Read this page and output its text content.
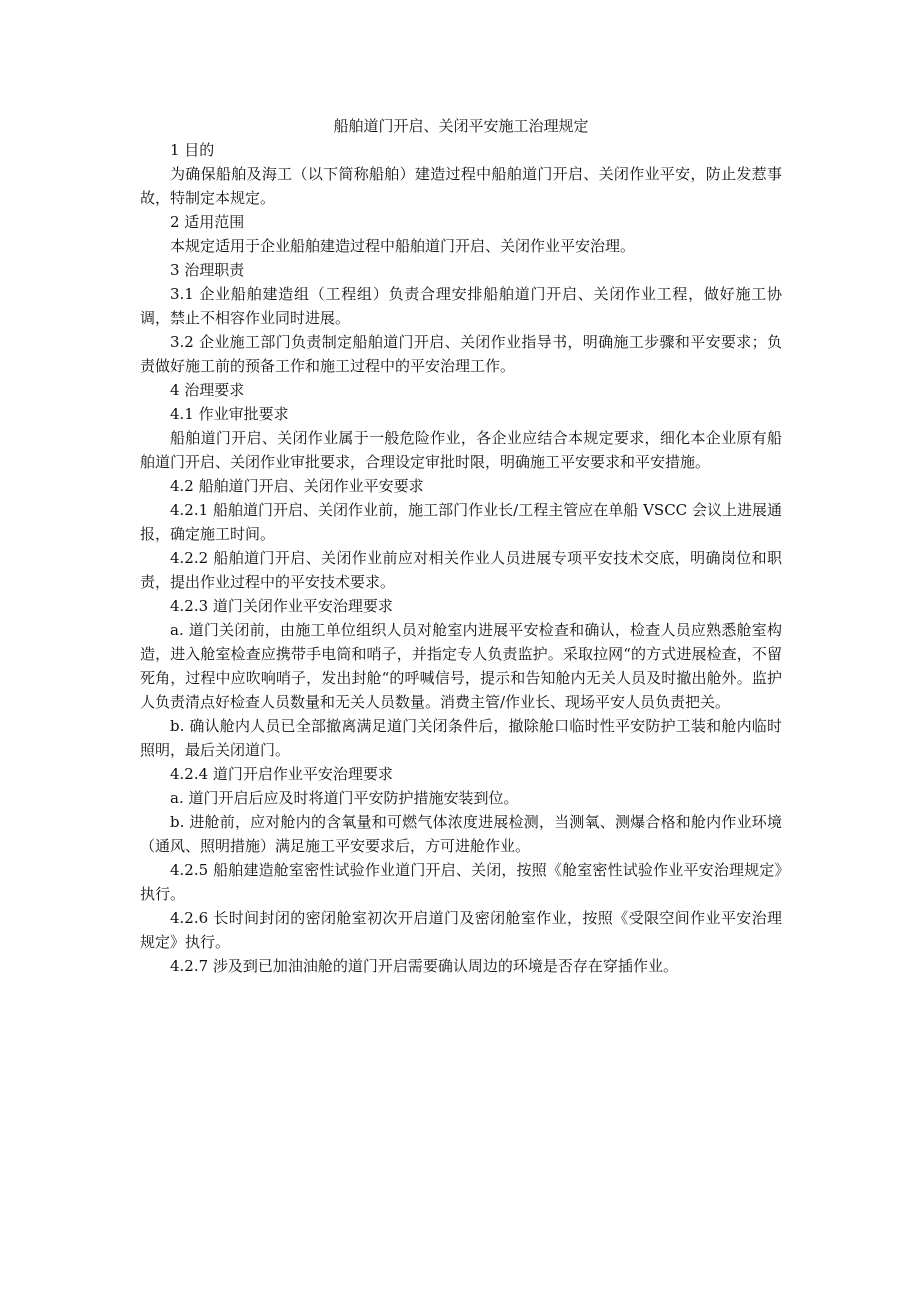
船舶道门开启、关闭平安施工治理规定

1 目的

为确保船舶及海工（以下简称船舶）建造过程中船舶道门开启、关闭作业平安，防止发惹事故，特制定本规定。

2 适用范围

本规定适用于企业船舶建造过程中船舶道门开启、关闭作业平安治理。

3 治理职责

3.1 企业船舶建造组（工程组）负责合理安排船舶道门开启、关闭作业工程，做好施工协调，禁止不相容作业同时进展。

3.2 企业施工部门负责制定船舶道门开启、关闭作业指导书，明确施工步骤和平安要求；负责做好施工前的预备工作和施工过程中的平安治理工作。

4 治理要求

4.1 作业审批要求

船舶道门开启、关闭作业属于一般危险作业，各企业应结合本规定要求，细化本企业原有船舶道门开启、关闭作业审批要求，合理设定审批时限，明确施工平安要求和平安措施。

4.2 船舶道门开启、关闭作业平安要求

4.2.1 船舶道门开启、关闭作业前，施工部门作业长/工程主管应在单船 VSCC 会议上进展通报，确定施工时间。

4.2.2 船舶道门开启、关闭作业前应对相关作业人员进展专项平安技术交底，明确岗位和职责，提出作业过程中的平安技术要求。

4.2.3 道门关闭作业平安治理要求

a. 道门关闭前，由施工单位组织人员对舱室内进展平安检查和确认，检查人员应熟悉舱室构造，进入舱室检查应携带手电筒和哨子，并指定专人负责监护。采取拉网“的方式进展检查，不留死角，过程中应吹响哨子，发出封舱“的呼喊信号，提示和告知舱内无关人员及时撤出舱外。监护人负责清点好检查人员数量和无关人员数量。消费主管/作业长、现场平安人员负责把关。

b. 确认舱内人员已全部撤离满足道门关闭条件后，撤除舱口临时性平安防护工装和舱内临时照明，最后关闭道门。

4.2.4 道门开启作业平安治理要求

a. 道门开启后应及时将道门平安防护措施安装到位。

b. 进舱前，应对舱内的含氧量和可燃气体浓度进展检测，当测氧、测爆合格和舱内作业环境（通风、照明措施）满足施工平安要求后，方可进舱作业。

4.2.5 船舶建造舱室密性试验作业道门开启、关闭，按照《舱室密性试验作业平安治理规定》执行。

4.2.6 长时间封闭的密闭舱室初次开启道门及密闭舱室作业，按照《受限空间作业平安治理规定》执行。

4.2.7 涉及到已加油油舱的道门开启需要确认周边的环境是否存在穿插作业。
